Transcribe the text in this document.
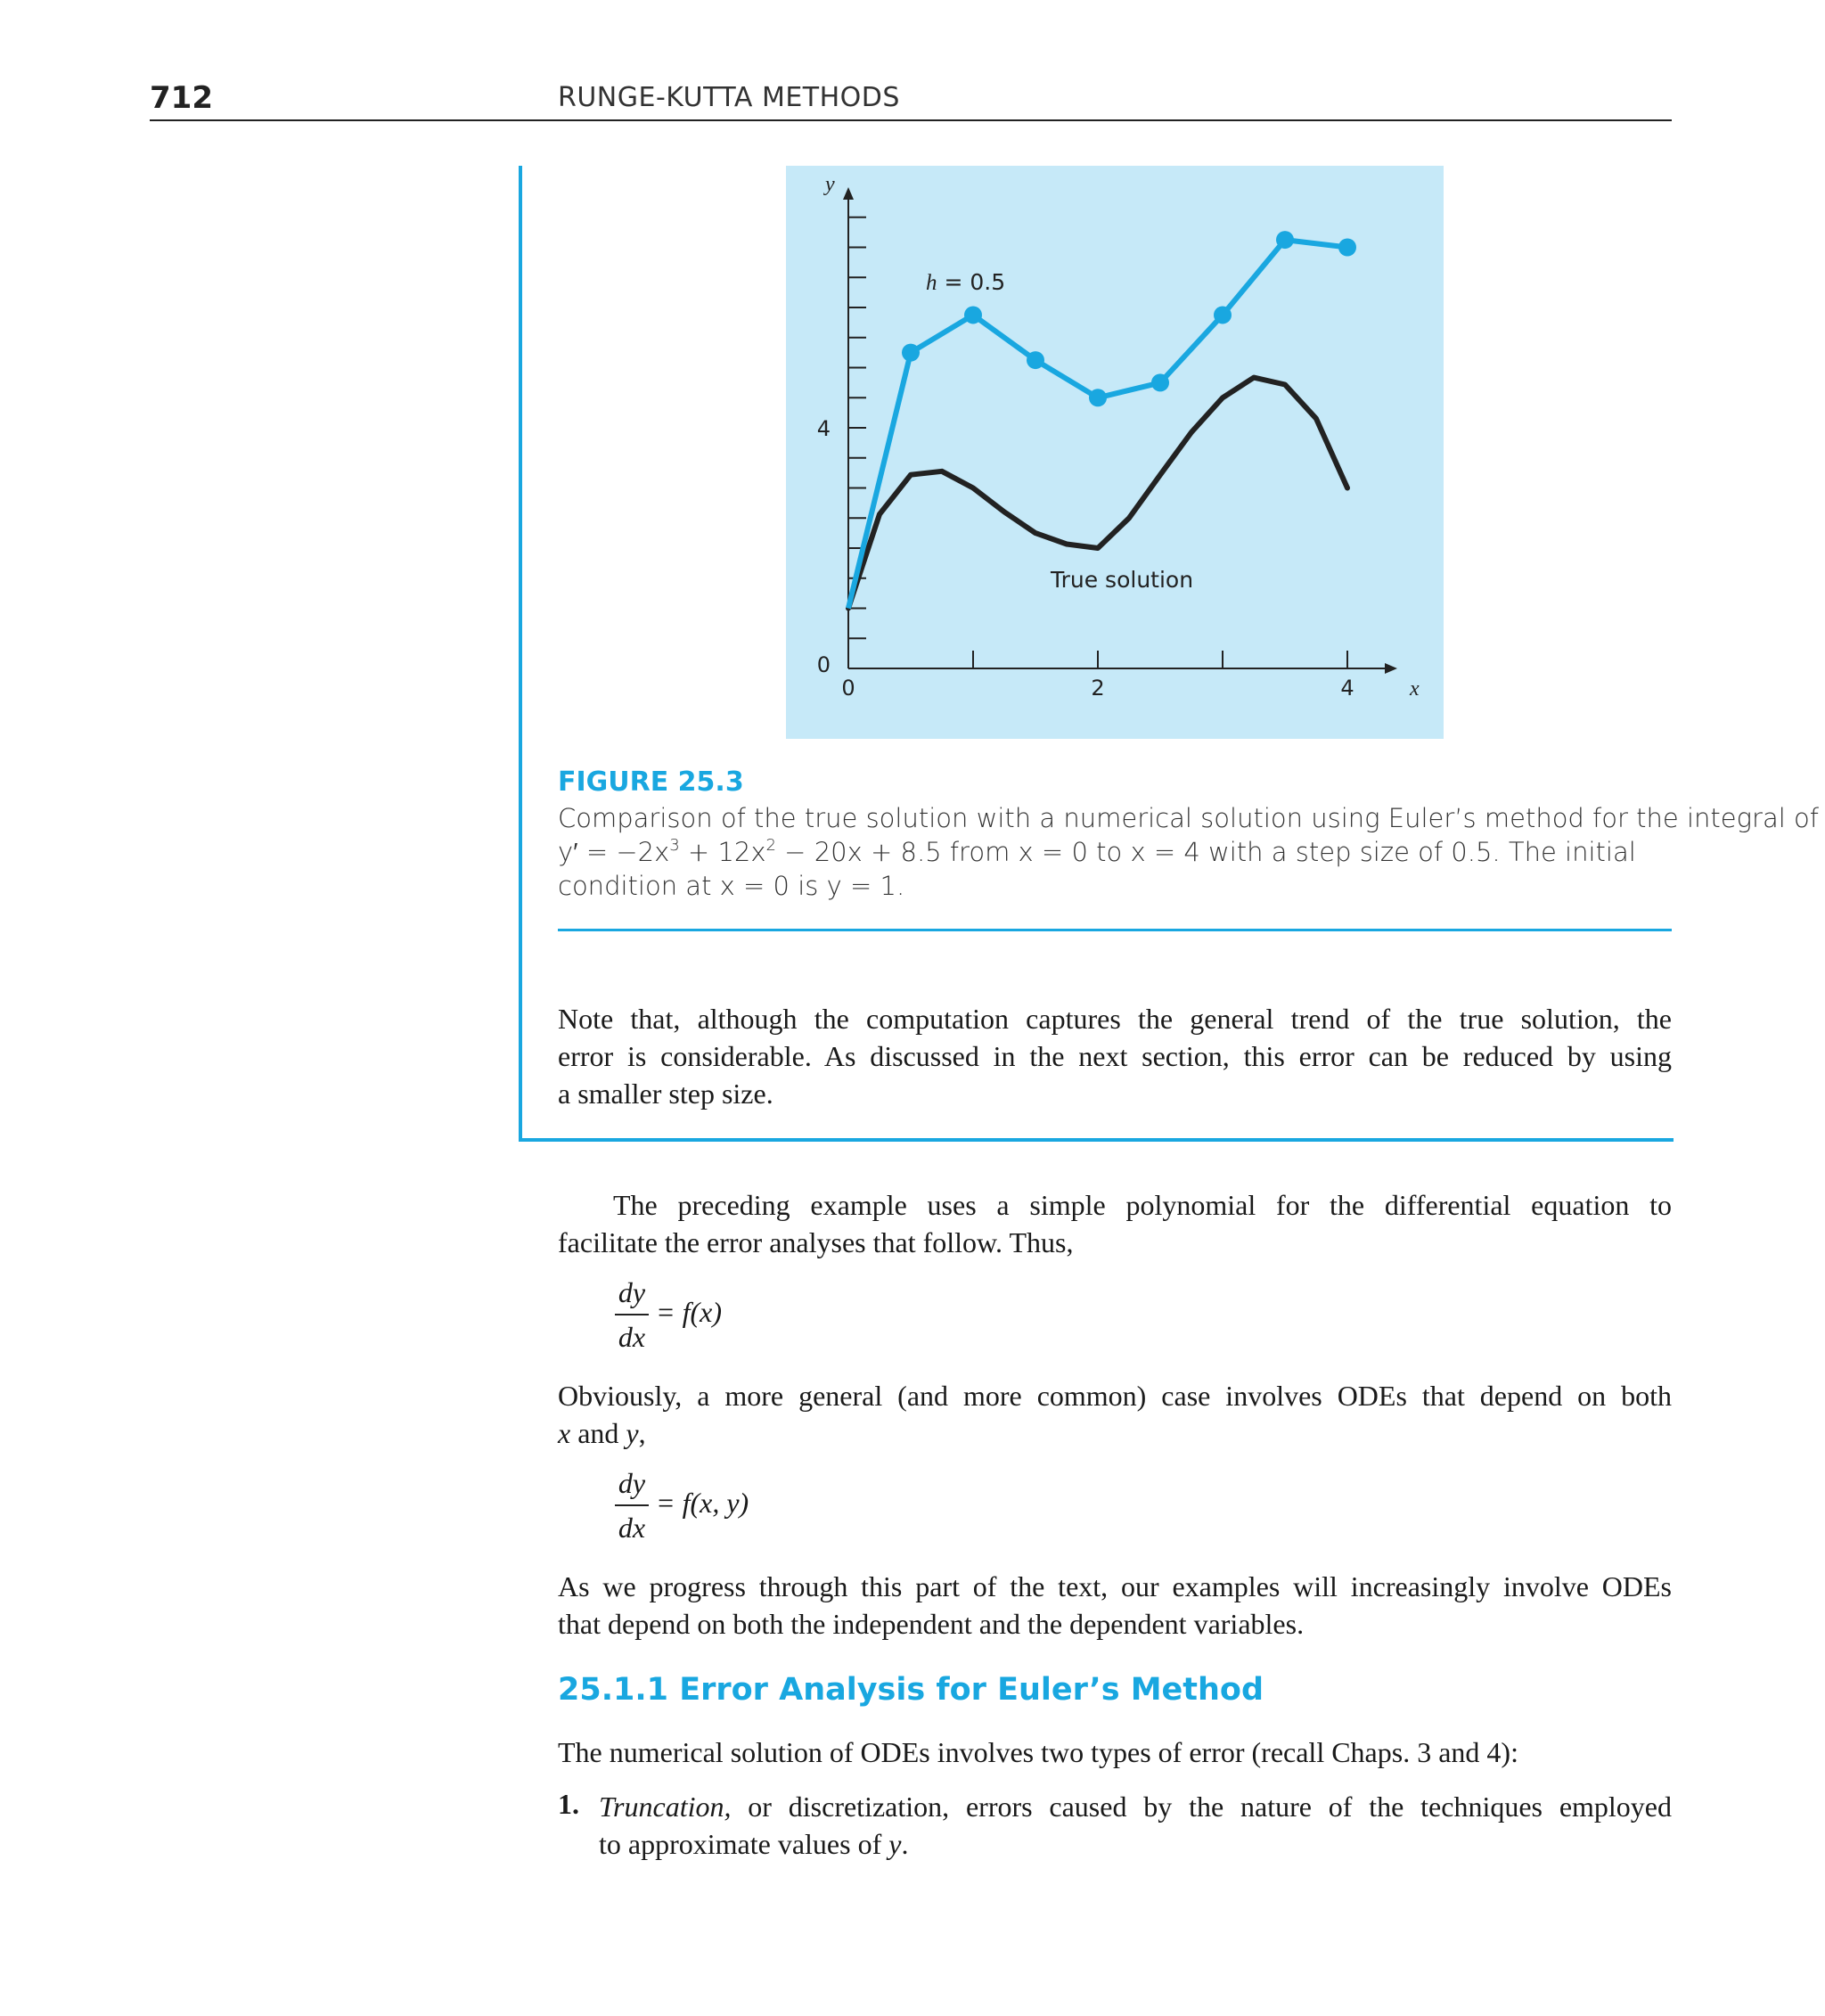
712	RUNGE-KUTTA METHODS
0	2	4
0
4
x
y
h = 0.5
True solution
FIGURE 25.3
Comparison of the true solution with a numerical solution using Euler’s method for the integral of
$y' = -2x^3 + 12x^2 - 20x + 8.5$ from x = 0 to x = 4 with a step size of 0.5. The initial
condition at x = 0 is y = 1.
Note that, although the computation captures the general trend of the true solution, the
error is considerable. As discussed in the next section, this error can be reduced by using
a smaller step size.
The preceding example uses a simple polynomial for the differential equation to
facilitate the error analyses that follow. Thus,
dy
dx
= f(x)
Obviously, a more general (and more common) case involves ODEs that depend on both
x and y,
dy
dx
= f(x, y)
As we progress through this part of the text, our examples will increasingly involve ODEs
that depend on both the independent and the dependent variables.
25.1.1 Error Analysis for Euler’s Method
The numerical solution of ODEs involves two types of error (recall Chaps. 3 and 4):
1. Truncation, or discretization, errors caused by the nature of the techniques employed
to approximate values of y.
